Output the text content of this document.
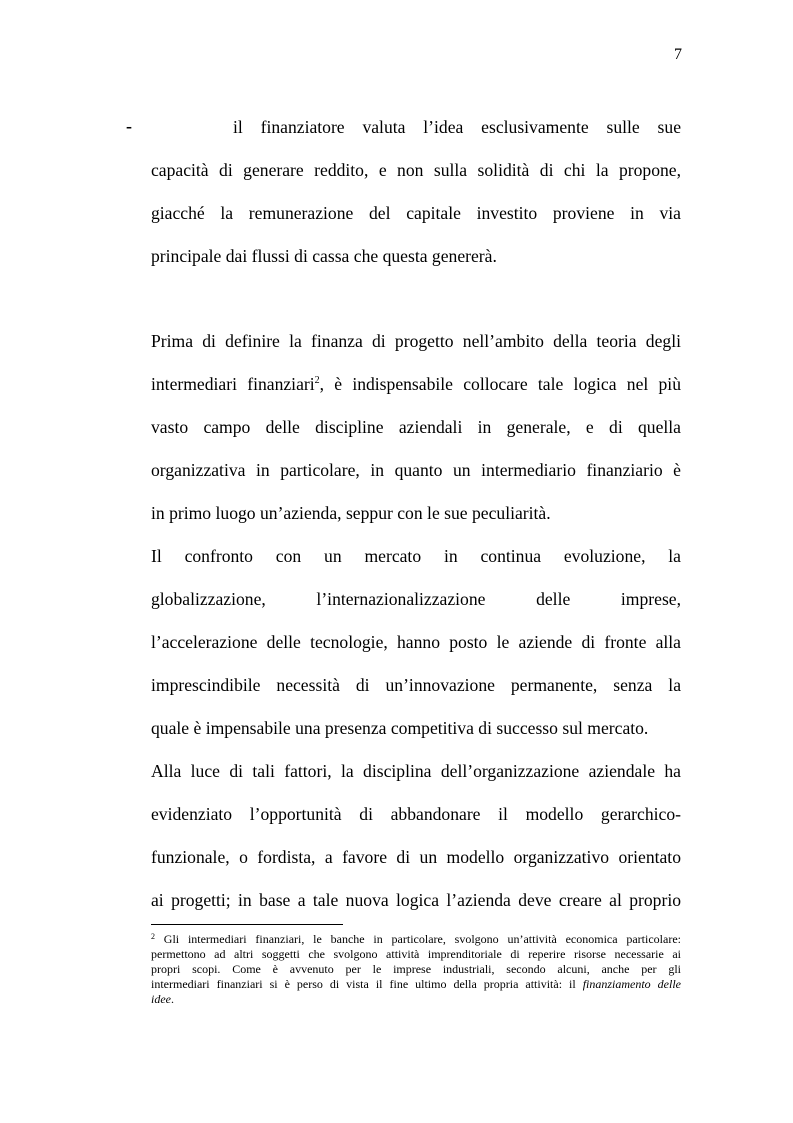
7
-	il finanziatore valuta l’idea esclusivamente sulle sue
capacità di generare reddito, e non sulla solidità di chi la propone,
giacché la remunerazione del capitale investito proviene in via
principale dai flussi di cassa che questa genererà.
Prima di definire la finanza di progetto nell’ambito della teoria degli
intermediari finanziari$^2$, è indispensabile collocare tale logica nel più
vasto campo delle discipline aziendali in generale, e di quella
organizzativa in particolare, in quanto un intermediario finanziario è
in primo luogo un’azienda, seppur con le sue peculiarità.
Il confronto con un mercato in continua evoluzione, la
globalizzazione, l’internazionalizzazione delle imprese,
l’accelerazione delle tecnologie, hanno posto le aziende di fronte alla
imprescindibile necessità di un’innovazione permanente, senza la
quale è impensabile una presenza competitiva di successo sul mercato.
Alla luce di tali fattori, la disciplina dell’organizzazione aziendale ha
evidenziato l’opportunità di abbandonare il modello gerarchico-
funzionale, o fordista, a favore di un modello organizzativo orientato
ai progetti; in base a tale nuova logica l’azienda deve creare al proprio
$^2$ Gli intermediari finanziari, le banche in particolare, svolgono un’attività economica particolare:
permettono ad altri soggetti che svolgono attività imprenditoriale di reperire risorse necessarie ai
propri scopi. Come è avvenuto per le imprese industriali, secondo alcuni, anche per gli
intermediari finanziari si è perso di vista il fine ultimo della propria attività: il finanziamento delle
idee.
